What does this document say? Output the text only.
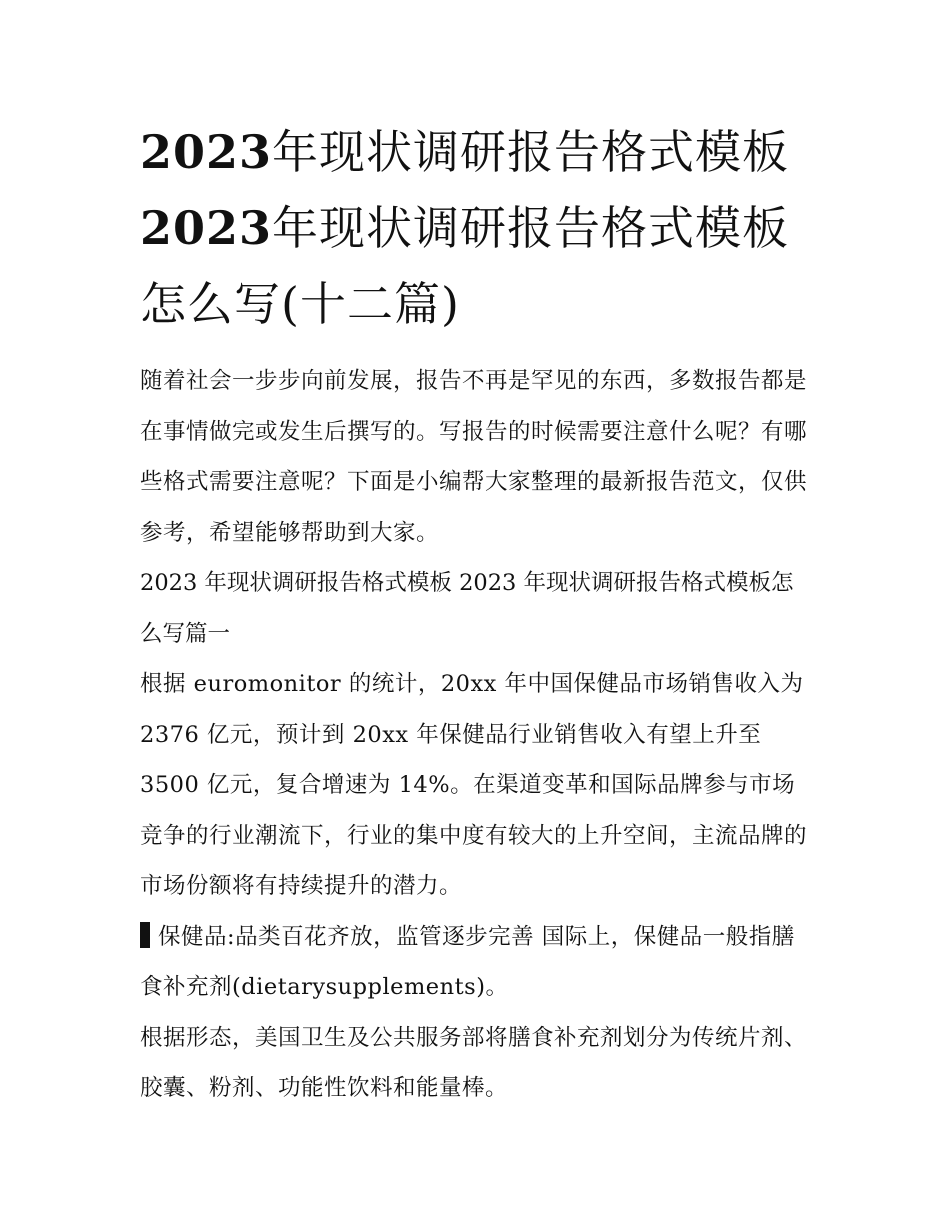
2023年现状调研报告格式模板
2023年现状调研报告格式模板
怎么写(十二篇)

随着社会一步步向前发展，报告不再是罕见的东西，多数报告都是在事情做完或发生后撰写的。写报告的时候需要注意什么呢？有哪些格式需要注意呢？下面是小编帮大家整理的最新报告范文，仅供参考，希望能够帮助到大家。

2023 年现状调研报告格式模板 2023 年现状调研报告格式模板怎么写篇一

根据 euromonitor 的统计，20xx 年中国保健品市场销售收入为 2376 亿元，预计到 20xx 年保健品行业销售收入有望上升至 3500 亿元，复合增速为 14%。在渠道变革和国际品牌参与市场竞争的行业潮流下，行业的集中度有较大的上升空间，主流品牌的市场份额将有持续提升的潜力。

保健品:品类百花齐放，监管逐步完善 国际上，保健品一般指膳食补充剂(dietarysupplements)。

根据形态，美国卫生及公共服务部将膳食补充剂划分为传统片剂、胶囊、粉剂、功能性饮料和能量棒。
